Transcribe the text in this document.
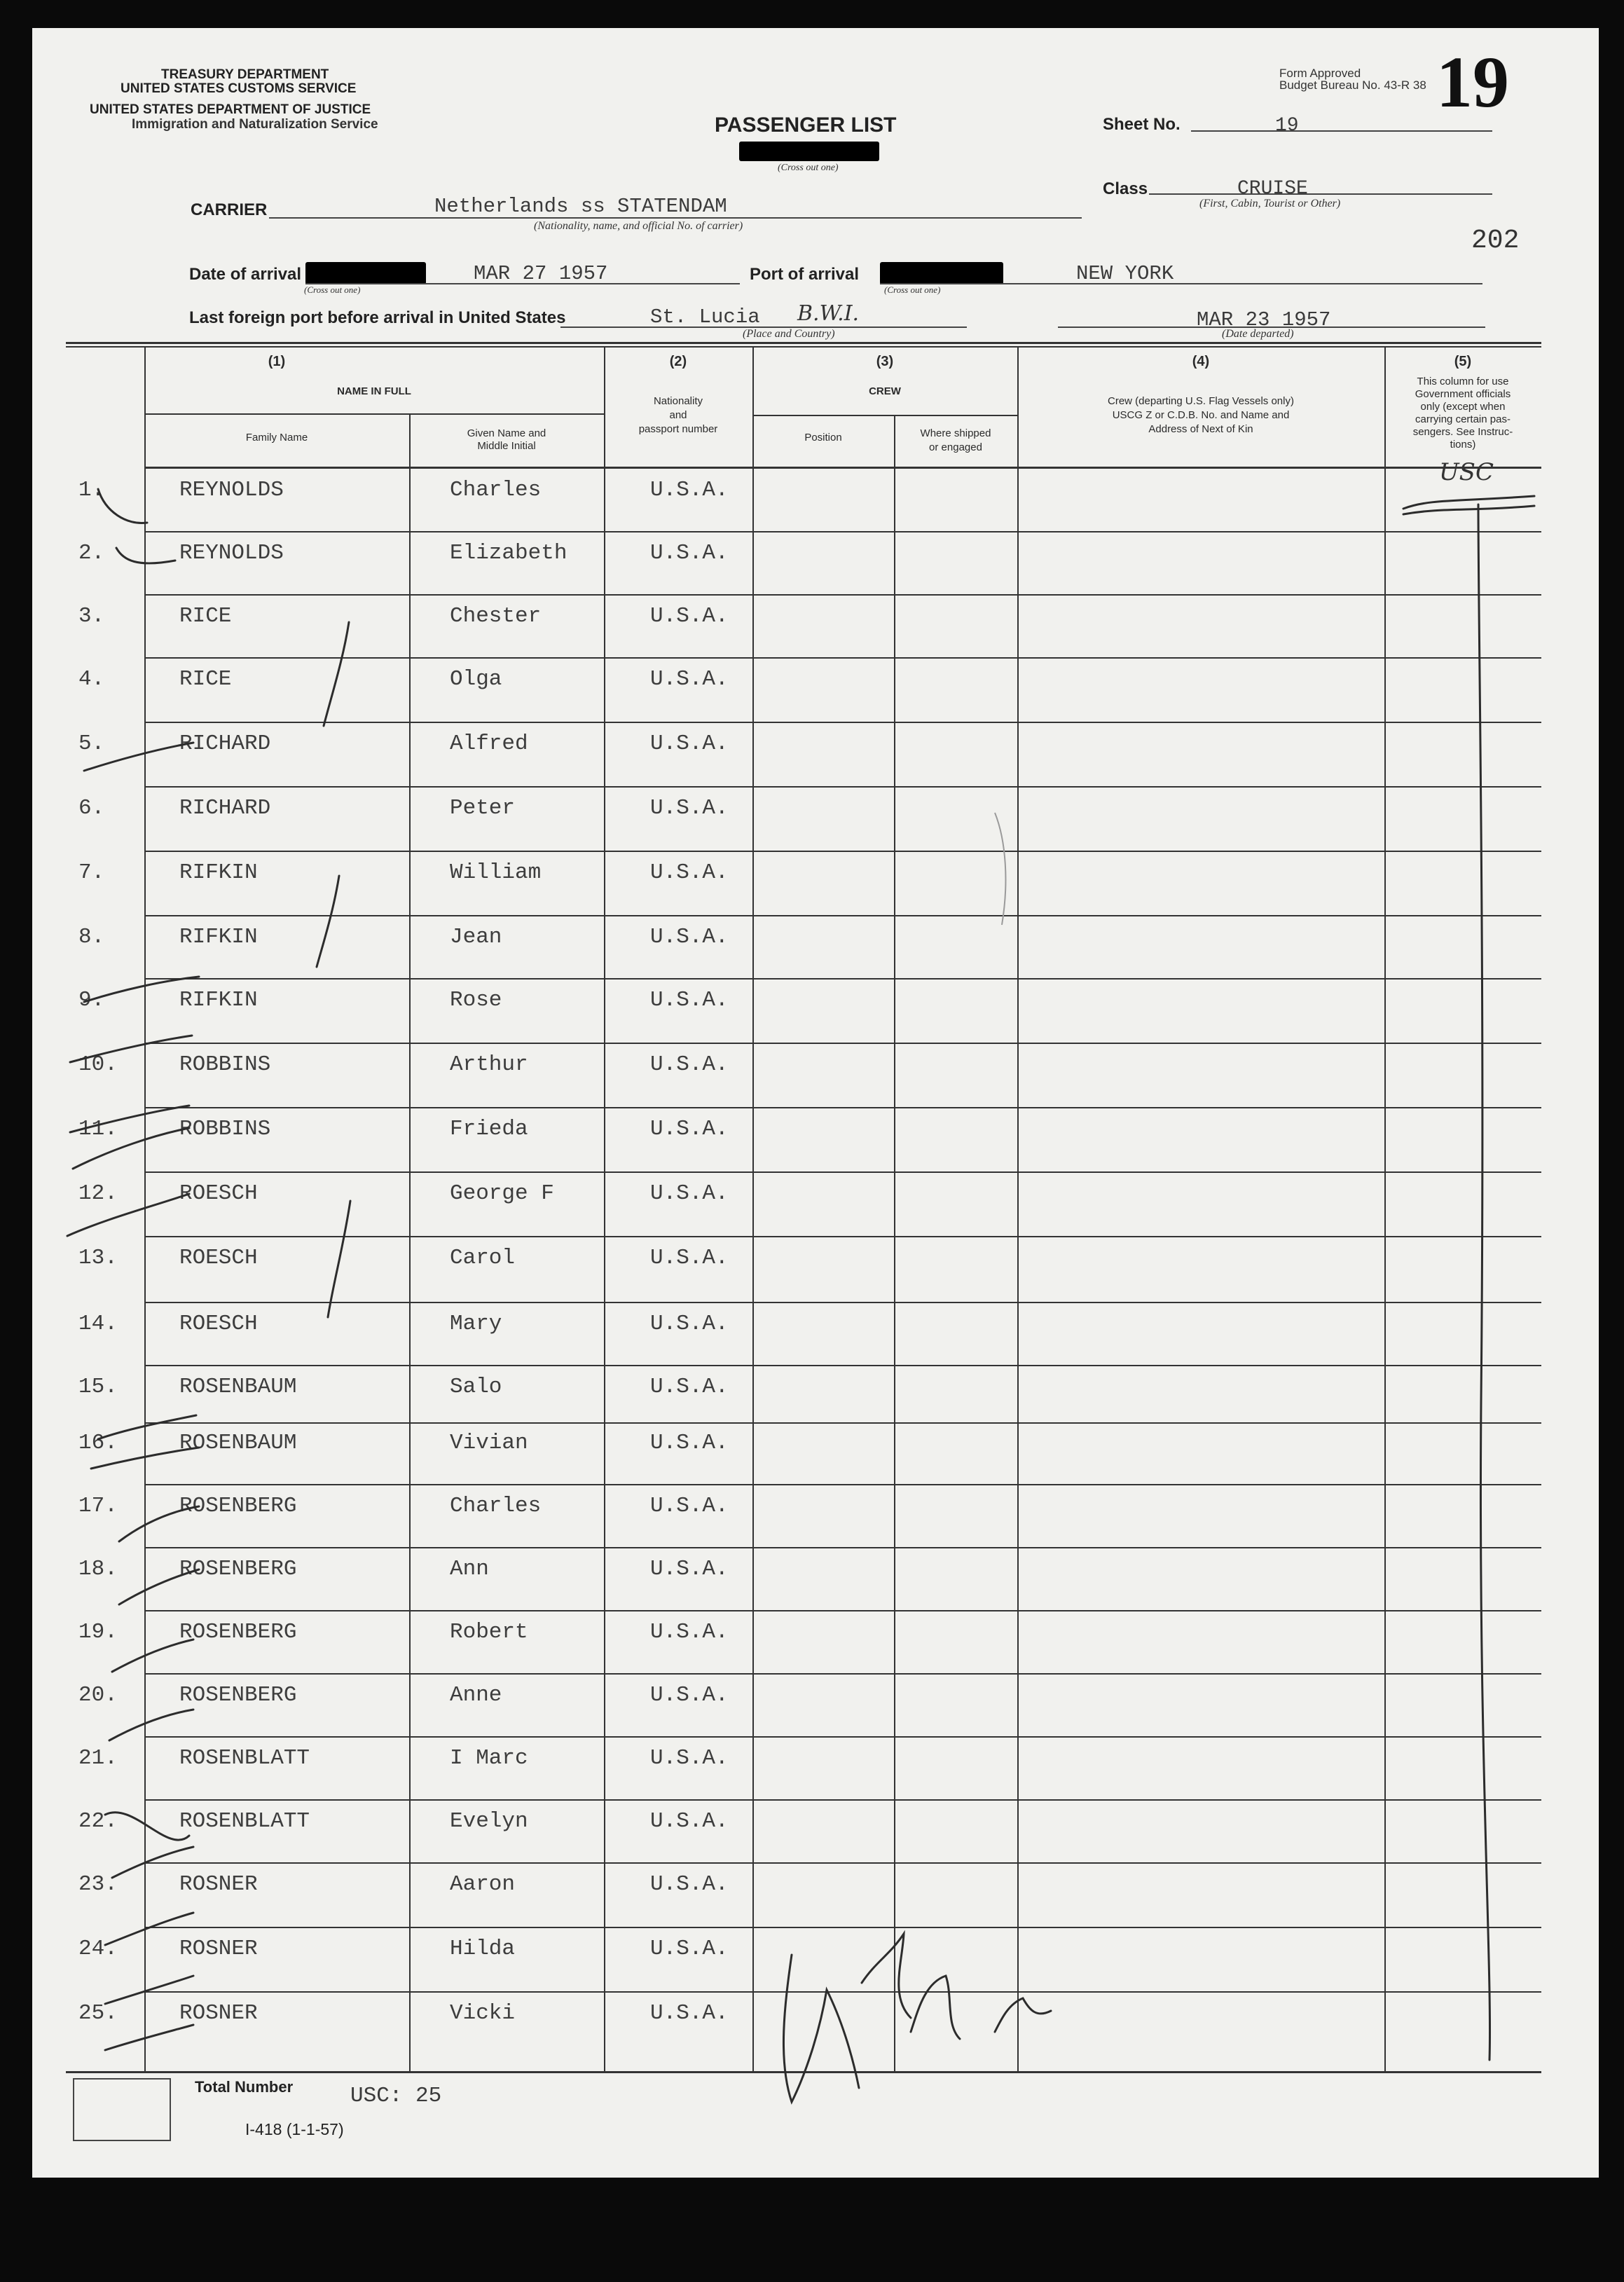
TREASURY DEPARTMENT
UNITED STATES CUSTOMS SERVICE
UNITED STATES DEPARTMENT OF JUSTICE
Immigration and Naturalization Service	PASSENGER LIST
(Cross out one)
Form Approved
Budget Bureau No. 43-R 38 19
Sheet No.	19
Class	CRUISE
(First, Cabin, Tourist or Other)
CARRIER	Netherlands ss STATENDAM
(Nationality, name, and official No. of carrier)	202
Date of arrival	MAR 27 1957
(Cross out one)
Port of arrival	NEW YORK
(Cross out one)
Last foreign port before arrival in United States	St. Lucia B.W.I.
(Place and Country)
MAR 23 1957
(Date departed)
(1)
NAME IN FULL
Family Name	Given Name and
Middle Initial
(2)
Nationality
and
passport number
(3)
CREW
Position	Where shipped
or engaged
(4)
Crew (departing U.S. Flag Vessels only)
USCG Z or C.D.B. No. and Name and
Address of Next of Kin
(5)
This column for use
Government officials
only (except when
carrying certain pas-
sengers. See Instruc-
tions)
1.	REYNOLDS	Charles	U.S.A.
2.	REYNOLDS	Elizabeth	U.S.A.
3.	RICE	Chester	U.S.A.
4.	RICE	Olga	U.S.A.
5.	RICHARD	Alfred	U.S.A.
6.	RICHARD	Peter	U.S.A.
7.	RIFKIN	William	U.S.A.
8.	RIFKIN	Jean	U.S.A.
9.	RIFKIN	Rose	U.S.A.
10.	ROBBINS	Arthur	U.S.A.
11.	ROBBINS	Frieda	U.S.A.
12.	ROESCH	George F	U.S.A.
13.	ROESCH	Carol	U.S.A.
14.	ROESCH	Mary	U.S.A.
15.	ROSENBAUM	Salo	U.S.A.
16.	ROSENBAUM	Vivian	U.S.A.
17.	ROSENBERG	Charles	U.S.A.
18.	ROSENBERG	Ann	U.S.A.
19.	ROSENBERG	Robert	U.S.A.
20.	ROSENBERG	Anne	U.S.A.
21.	ROSENBLATT	I Marc	U.S.A.
22.	ROSENBLATT	Evelyn	U.S.A.
23.	ROSNER	Aaron	U.S.A.
24.	ROSNER	Hilda	U.S.A.
25.	ROSNER	Vicki	U.S.A.
USC
Total Number	USC: 25
I-418 (1-1-57)
